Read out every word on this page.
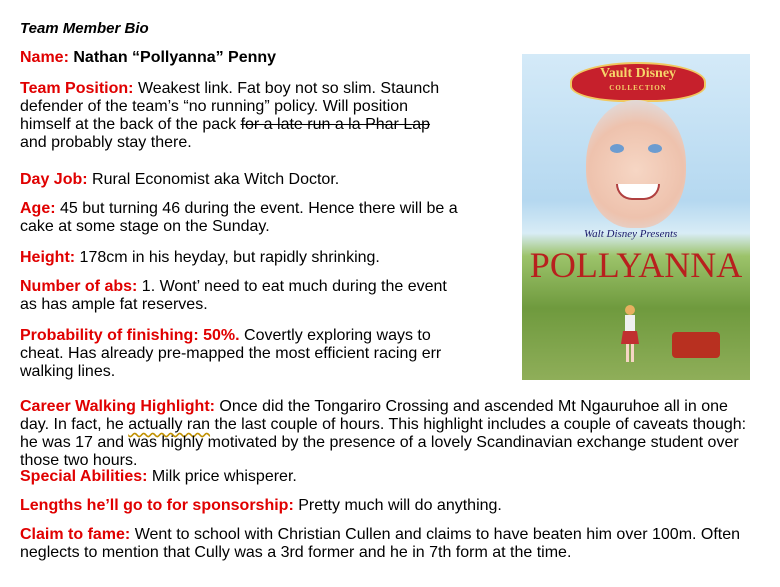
Team Member Bio
Name: Nathan “Pollyanna” Penny

Team Position: Weakest link. Fat boy not so slim. Staunch defender of the team’s “no running” policy. Will position himself at the back of the pack for a late run a la Phar Lap and probably stay there.

Day Job: Rural Economist aka Witch Doctor.

Age: 45 but turning 46 during the event. Hence there will be a cake at some stage on the Sunday.

Height: 178cm in his heyday, but rapidly shrinking.

Number of abs: 1. Wont’ need to eat much during the event as has ample fat reserves.

Probability of finishing: 50%. Covertly exploring ways to cheat. Has already pre-mapped the most efficient racing err walking lines.

Career Walking Highlight: Once did the Tongariro Crossing and ascended Mt Ngauruhoe all in one day. In fact, he actually ran the last couple of hours. This highlight includes a couple of caveats though: he was 17 and was highly motivated by the presence of a lovely Scandinavian exchange student over those two hours.

Special Abilities: Milk price whisperer.

Lengths he’ll go to for sponsorship: Pretty much will do anything.

Claim to fame: Went to school with Christian Cullen and claims to have beaten him over 100m. Often neglects to mention that Cully was a 3rd former and he in 7th form at the time.

Vault Disney
COLLECTION
Walt Disney Presents
POLLYANNA
